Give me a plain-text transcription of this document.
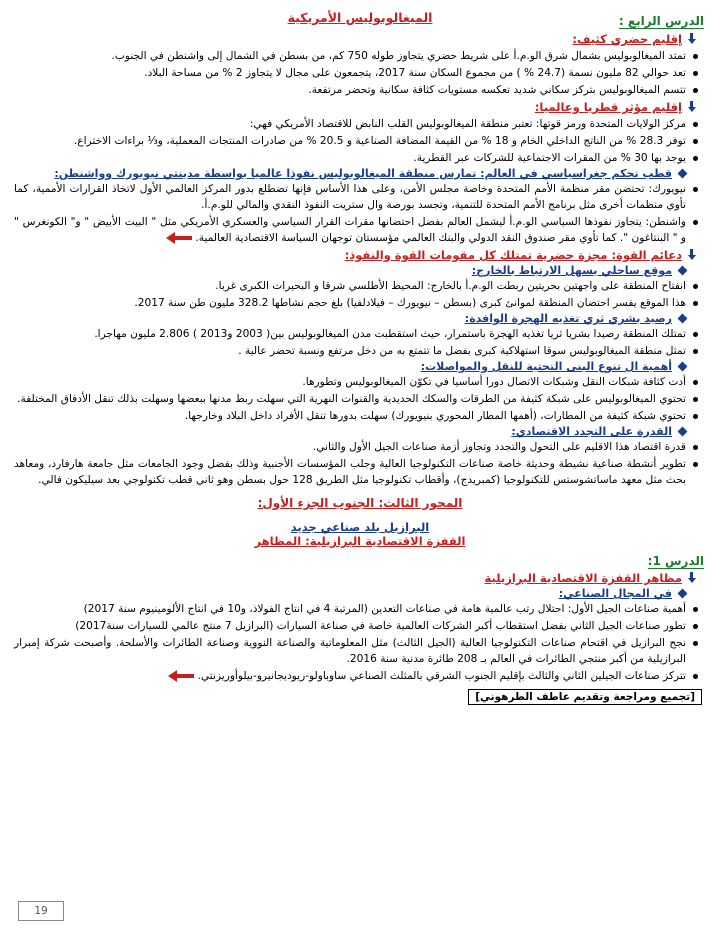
الدرس الرابع :
الميغالوبوليس الأمريكية
إقليم حضري كثيف:
تمتد الميغالوبوليس بشمال شرق الو.م.أ على شريط حضري يتجاوز طوله 750 كم، من بسطن في الشمال إلى واشنطن في الجنوب.
تعد حوالي 82 مليون نسمة (24.7 % ) من مجموع السكان سنة 2017، يتجمعون على مجال لا يتجاوز 2 % من مساحة البلاد.
تتسم الميغالوبوليس بتركز سكاني شديد تعكسه مستويات كثافة سكانية وتحضر مرتفعة.
إقليم مؤثر قطريا وعالميا:
مركز الولايات المتحدة ورمز قوتها: تعتبر منطقة الميغالوبوليس القلب النابض للاقتصاد الأمريكي فهي:
توفر 28.3 % من الناتج الداخلي الخام و 18 % من القيمة المضافة الصناعية و 20.5 % من صادرات المنتجات المعملية، و⅓ براءات الاختراع.
يوجد بها 30 % من المقرات الاجتماعية للشركات عبر القطرية.
قطب تحكم جغراسياسي في العالم: تمارس منطقة الميغالوبوليس نفوذا عالميا بواسطة مدينتي نيويورك وواشنطن:
نيويورك: تحتضن مقر منظمة الأمم المتحدة وخاصة مجلس الأمن، وعلى هذا الأساس فإنها تضطلع بدور المركز العالمي الأول لاتخاذ القرارات الأممية، كما تأوي منظمات أخرى مثل برنامج الأمم المتحدة للتنمية، وتجسد بورصة وال ستريت النفوذ النقدي والمالي للو.م.أ.
واشنطن: يتجاوز نفوذها السياسي الو.م.أ ليشمل العالم بفضل احتضانها مقرات القرار السياسي والعسكري الأمريكي مثل " البيت الأبيض " و" الكونغرس " و " البنتاغون ". كما تأوي مقر صندوق النقد الدولي والبنك العالمي مؤسستان توجهان السياسة الاقتصادية العالمية.
دعائم القوة: مجزة حضرية تمتلك كل مقومات القوة والنفوذ:
موقع ساحلي يسهل الارتباط بالخارج:
انفتاح المنطقة على واجهتين بحريتين ربطت الو.م.أ بالخارج: المحيط الأطلسي شرقا و البحيرات الكبرى غربا.
هذا الموقع يفسر احتضان المنطقة لموانئ كبرى (بسطن – نيويورك – فيلادلفيا) بلغ حجم نشاطها 328.2 مليون طن سنة 2017.
رصيد بشري ثري تغذيه الهجرة الوافدة:
تمتلك المنطقة رصيدا بشريا ثريا تغذيه الهجرة باستمرار، حيث استقطبت مدن الميغالوبوليس بين( 2003 و2013 ) 2.806 مليون مهاجرا.
تمثل منطقة الميغالوبوليس سوقا استهلاكية كبرى بفضل ما تتمتع به من دخل مرتفع ونسبة تحضر عالية .
أهمية ال تنوع البنى التحتية للنقل والمواصلات:
أدت كثافة شبكات النقل وشبكات الاتصال دورا أساسيا في تكوّن الميغالوبوليس وتطورها.
تحتوي الميغالوبوليس على شبكة كثيفة من الطرقات والسكك الحديدية والقنوات النهرية التي سهلت ربط مدنها ببعضها وسهلت بذلك تنقل الأدفاق المختلفة.
تحتوي شبكة كثيفة من المطارات، (أهمها المطار المحوري بنيويورك) سهلت بدورها تنقل الأفراد داخل البلاد وخارجها.
القدرة على التجدد الاقتصادي:
قدرة اقتصاد هذا الاقليم على التحول والتجدد وتجاوز أزمة صناعات الجيل الأول والثاني.
تطوير أنشطة صناعية نشيطة وحديثة خاصة صناعات التكنولوجيا العالية وجلب المؤسسات الأجنبية وذلك بفضل وجود الجامعات مثل جامعة هارفارد، ومعاهد بحث مثل معهد ماساتشوستس للتكنولوجيا (كمبريدج)، وأقطاب تكنولوجيا مثل الطريق 128 حول بسطن وهو ثاني قطب تكنولوجي بعد سيليكون فالي.
المحور الثالث: الجنوب الجزء الأول:
البرازيل بلد صناعي جديد
القفزة الاقتصادية البرازيلية: المظاهر
الدرس 1:
مظاهر القفزة الاقتصادية البرازيلية
في المجال الصناعي:
أهمية صناعات الجيل الأول: احتلال رتب عالمية هامة في صناعات التعدين (المرتبة 4 في انتاج الفولاذ، و10 في انتاج الألومينيوم سنة 2017)
تطور صناعات الجيل الثاني بفضل استقطاب أكبر الشركات العالمية خاصة في صناعة السيارات (البرازيل 7 منتج عالمي للسيارات سنة2017)
نجح البرازيل في اقتحام صناعات التكنولوجيا العالية (الجيل الثالث) مثل المعلوماتية والصناعة النووية وصناعة الطائرات والأسلحة. وأصبحت شركة إمبرار البرازيلية من أكبر منتجي الطائرات في العالم بـ 208 طائرة مدنية سنة 2016.
تتركز صناعات الجيلين الثاني والثالث بإقليم الجنوب الشرقي بالمثلث الصناعي ساوباولو-ريوديجانيرو-بيلوأوريزنتي.
[تجميع ومراجعة وتقديم عاطف الطرهوني]
19
